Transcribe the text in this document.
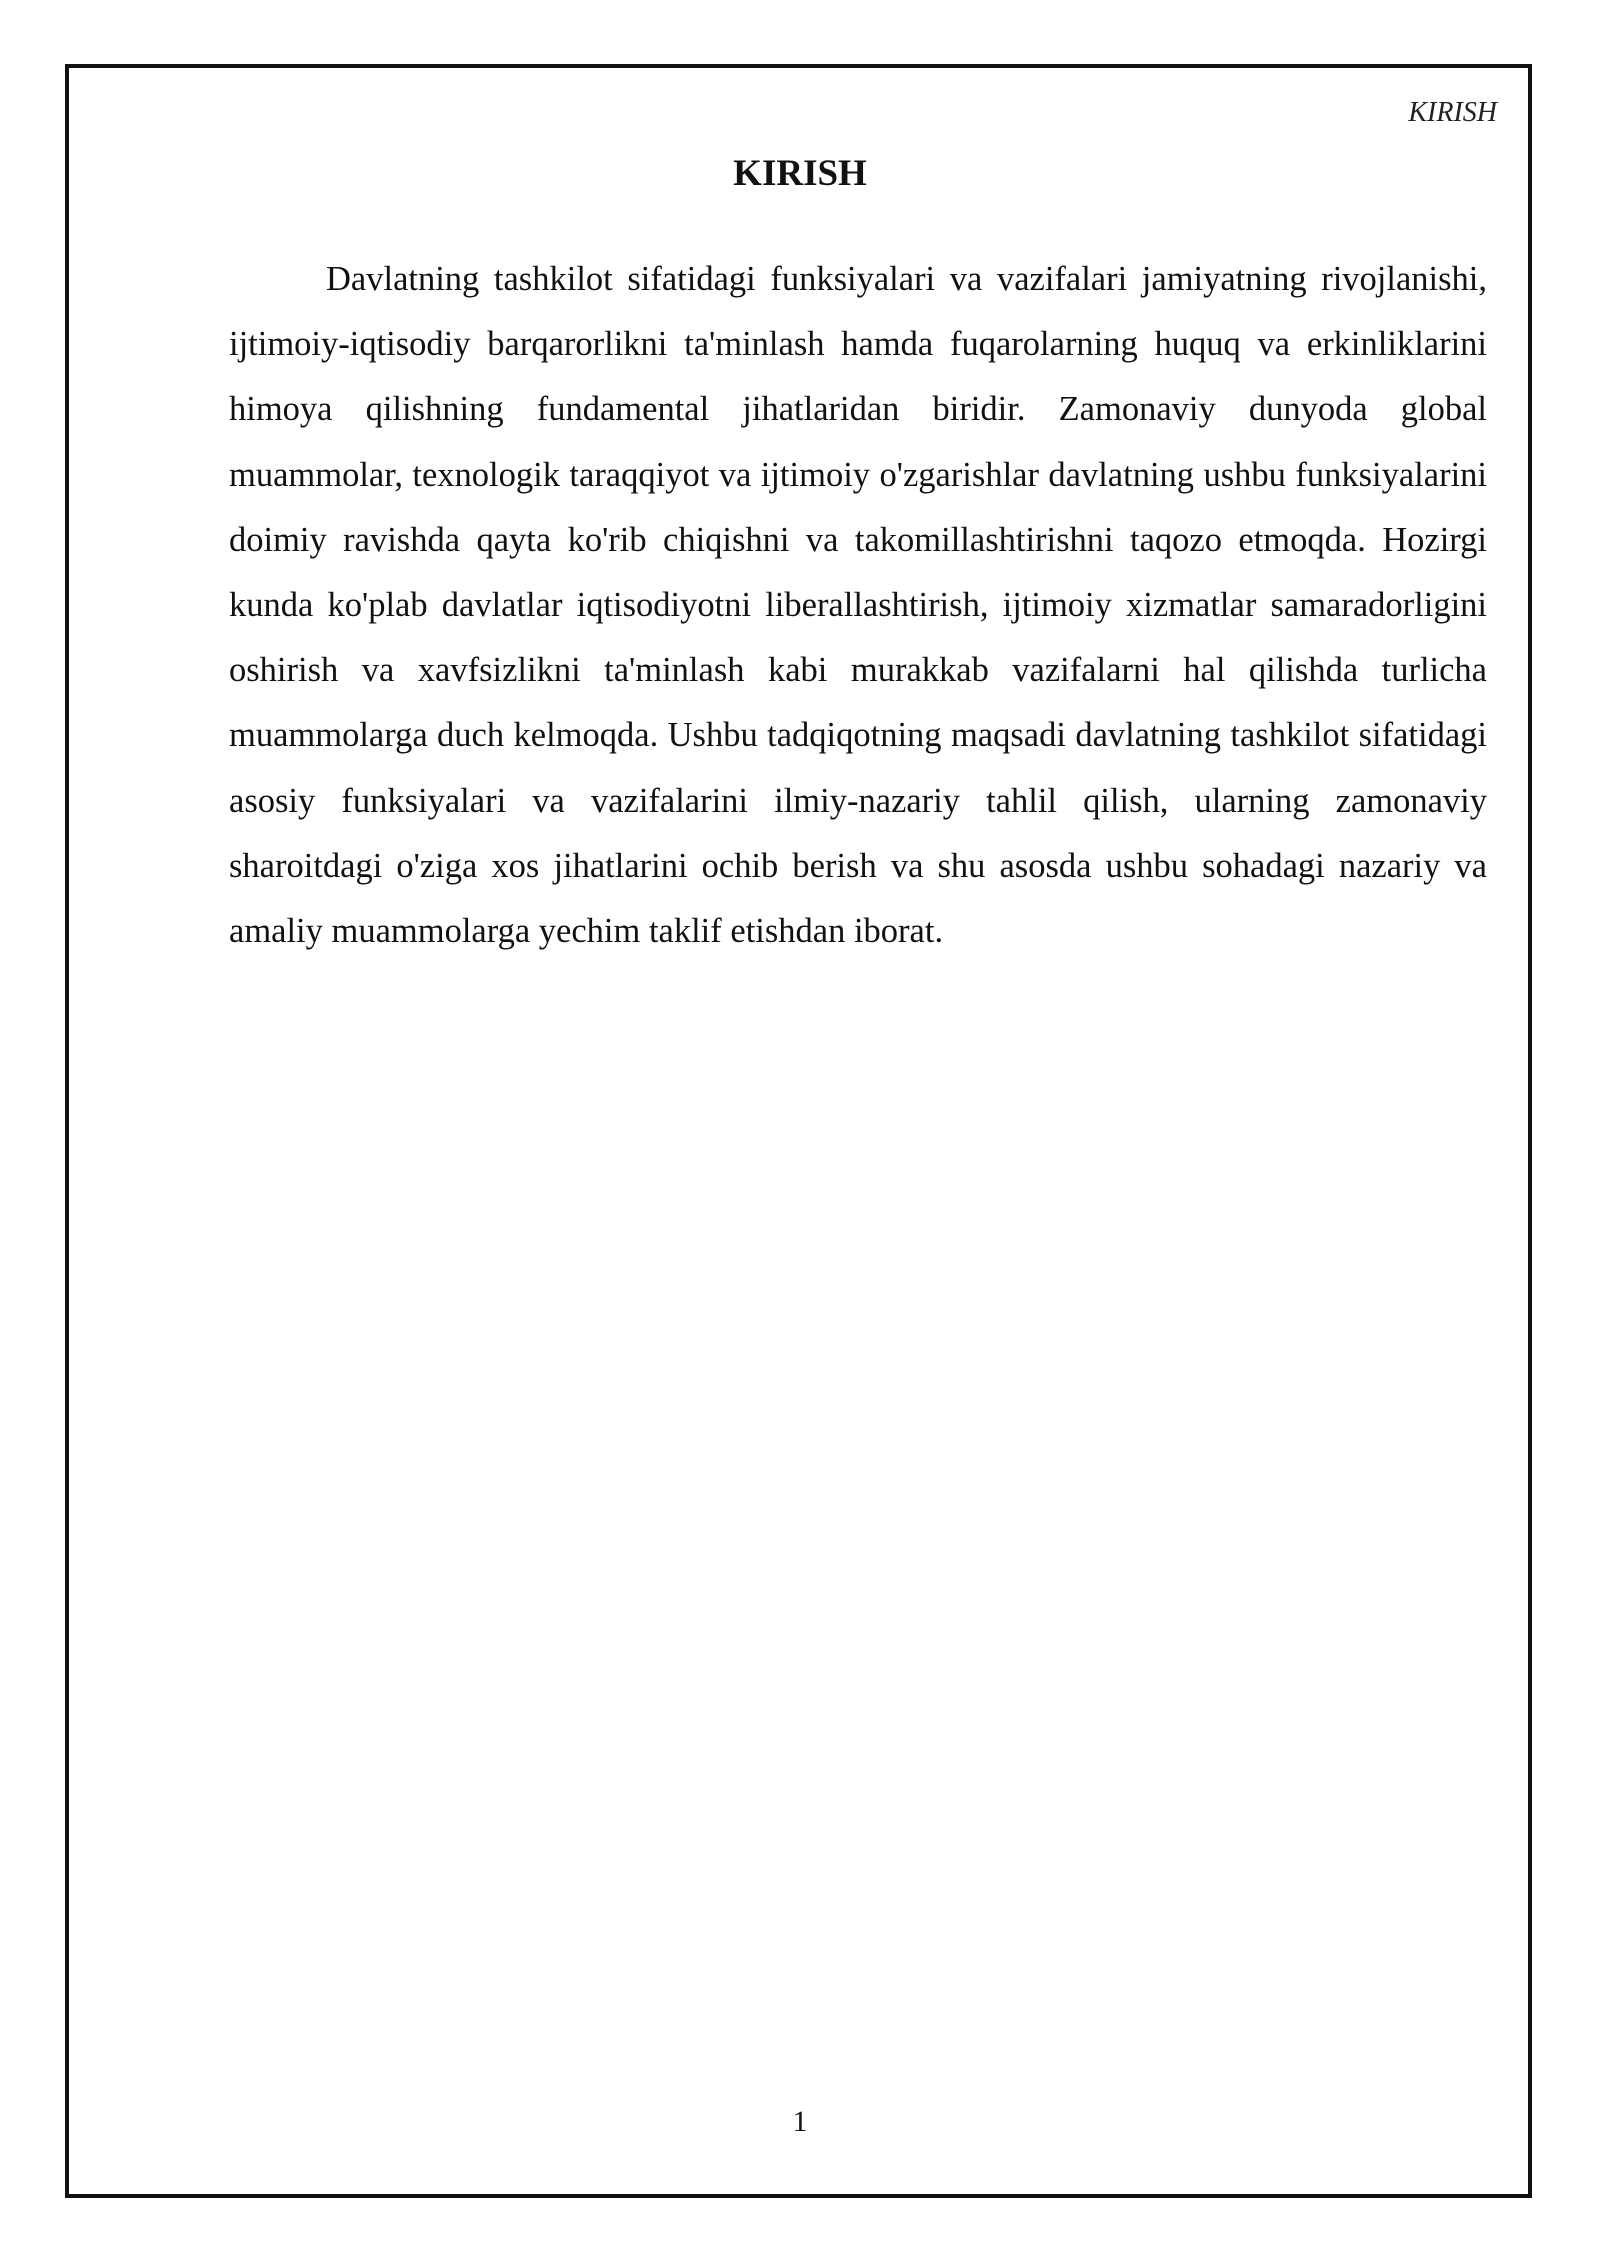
KIRISH
KIRISH

Davlatning tashkilot sifatidagi funksiyalari va vazifalari jamiyatning rivojlanishi, ijtimoiy-iqtisodiy barqarorlikni ta'minlash hamda fuqarolarning huquq va erkinliklarini himoya qilishning fundamental jihatlaridan biridir. Zamonaviy dunyoda global muammolar, texnologik taraqqiyot va ijtimoiy o'zgarishlar davlatning ushbu funksiyalarini doimiy ravishda qayta ko'rib chiqishni va takomillashtirishni taqozo etmoqda. Hozirgi kunda ko'plab davlatlar iqtisodiyotni liberallashtirish, ijtimoiy xizmatlar samaradorligini oshirish va xavfsizlikni ta'minlash kabi murakkab vazifalarni hal qilishda turlicha muammolarga duch kelmoqda. Ushbu tadqiqotning maqsadi davlatning tashkilot sifatidagi asosiy funksiyalari va vazifalarini ilmiy-nazariy tahlil qilish, ularning zamonaviy sharoitdagi o'ziga xos jihatlarini ochib berish va shu asosda ushbu sohadagi nazariy va amaliy muammolarga yechim taklif etishdan iborat.

1
